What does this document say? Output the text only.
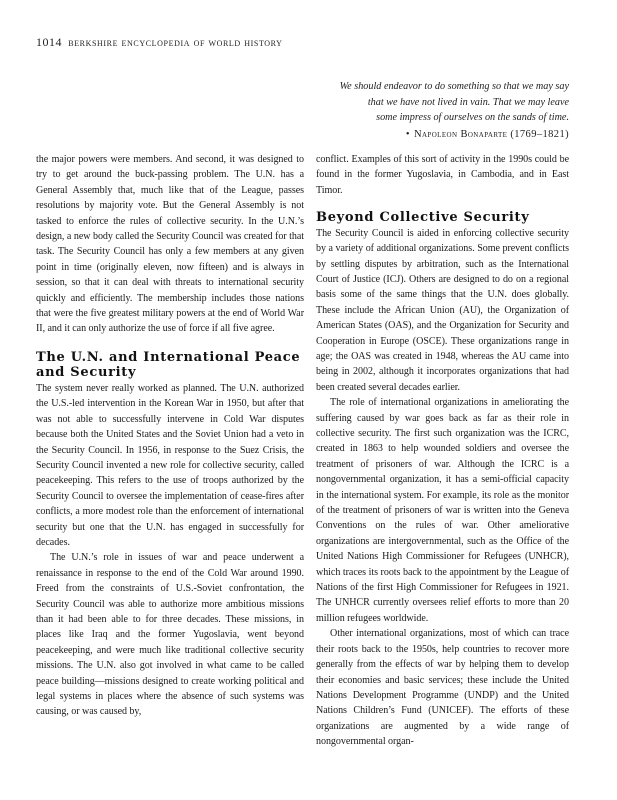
1014 berkshire encyclopedia of world history
We should endeavor to do something so that we may say
that we have not lived in vain. That we may leave
some impress of ourselves on the sands of time.
• Napoleon Bonaparte (1769–1821)

the major powers were members. And second, it was designed to try to get around the buck-passing problem. The U.N. has a General Assembly that, much like that of the League, passes resolutions by majority vote. But the General Assembly is not tasked to enforce the rules of collective security. In the U.N.’s design, a new body called the Security Council was created for that task. The Security Council has only a few members at any given point in time (originally eleven, now fifteen) and is always in session, so that it can deal with threats to international security quickly and efficiently. The membership includes those nations that were the five greatest military powers at the end of World War II, and it can only authorize the use of force if all five agree.

The U.N. and International Peace and Security

The system never really worked as planned. The U.N. authorized the U.S.-led intervention in the Korean War in 1950, but after that was not able to successfully intervene in Cold War disputes because both the United States and the Soviet Union had a veto in the Security Council. In 1956, in response to the Suez Crisis, the Security Council invented a new role for collective security, called peacekeeping. This refers to the use of troops authorized by the Security Council to oversee the implementation of cease-fires after conflicts, a more modest role than the enforcement of international security but one that the U.N. has engaged in successfully for decades.

The U.N.’s role in issues of war and peace underwent a renaissance in response to the end of the Cold War around 1990. Freed from the constraints of U.S.-Soviet confrontation, the Security Council was able to authorize more ambitious missions than it had been able to for three decades. These missions, in places like Iraq and the former Yugoslavia, went beyond peacekeeping, and were much like traditional collective security missions. The U.N. also got involved in what came to be called peace building—missions designed to create working political and legal systems in places where the absence of such systems was causing, or was caused by,

conflict. Examples of this sort of activity in the 1990s could be found in the former Yugoslavia, in Cambodia, and in East Timor.

Beyond Collective Security

The Security Council is aided in enforcing collective security by a variety of additional organizations. Some prevent conflicts by settling disputes by arbitration, such as the International Court of Justice (ICJ). Others are designed to do on a regional basis some of the same things that the U.N. does globally. These include the African Union (AU), the Organization of American States (OAS), and the Organization for Security and Cooperation in Europe (OSCE). These organizations range in age; the OAS was created in 1948, whereas the AU came into being in 2002, although it incorporates organizations that had been created several decades earlier.

The role of international organizations in ameliorating the suffering caused by war goes back as far as their role in collective security. The first such organization was the ICRC, created in 1863 to help wounded soldiers and oversee the treatment of prisoners of war. Although the ICRC is a nongovernmental organization, it has a semi-official capacity in the international system. For example, its role as the monitor of the treatment of prisoners of war is written into the Geneva Conventions on the rules of war. Other ameliorative organizations are intergovernmental, such as the Office of the United Nations High Commissioner for Refugees (UNHCR), which traces its roots back to the appointment by the League of Nations of the first High Commissioner for Refugees in 1921. The UNHCR currently oversees relief efforts to more than 20 million refugees worldwide.

Other international organizations, most of which can trace their roots back to the 1950s, help countries to recover more generally from the effects of war by helping them to develop their economies and basic services; these include the United Nations Development Programme (UNDP) and the United Nations Children’s Fund (UNICEF). The efforts of these organizations are augmented by a wide range of nongovernmental organ-
